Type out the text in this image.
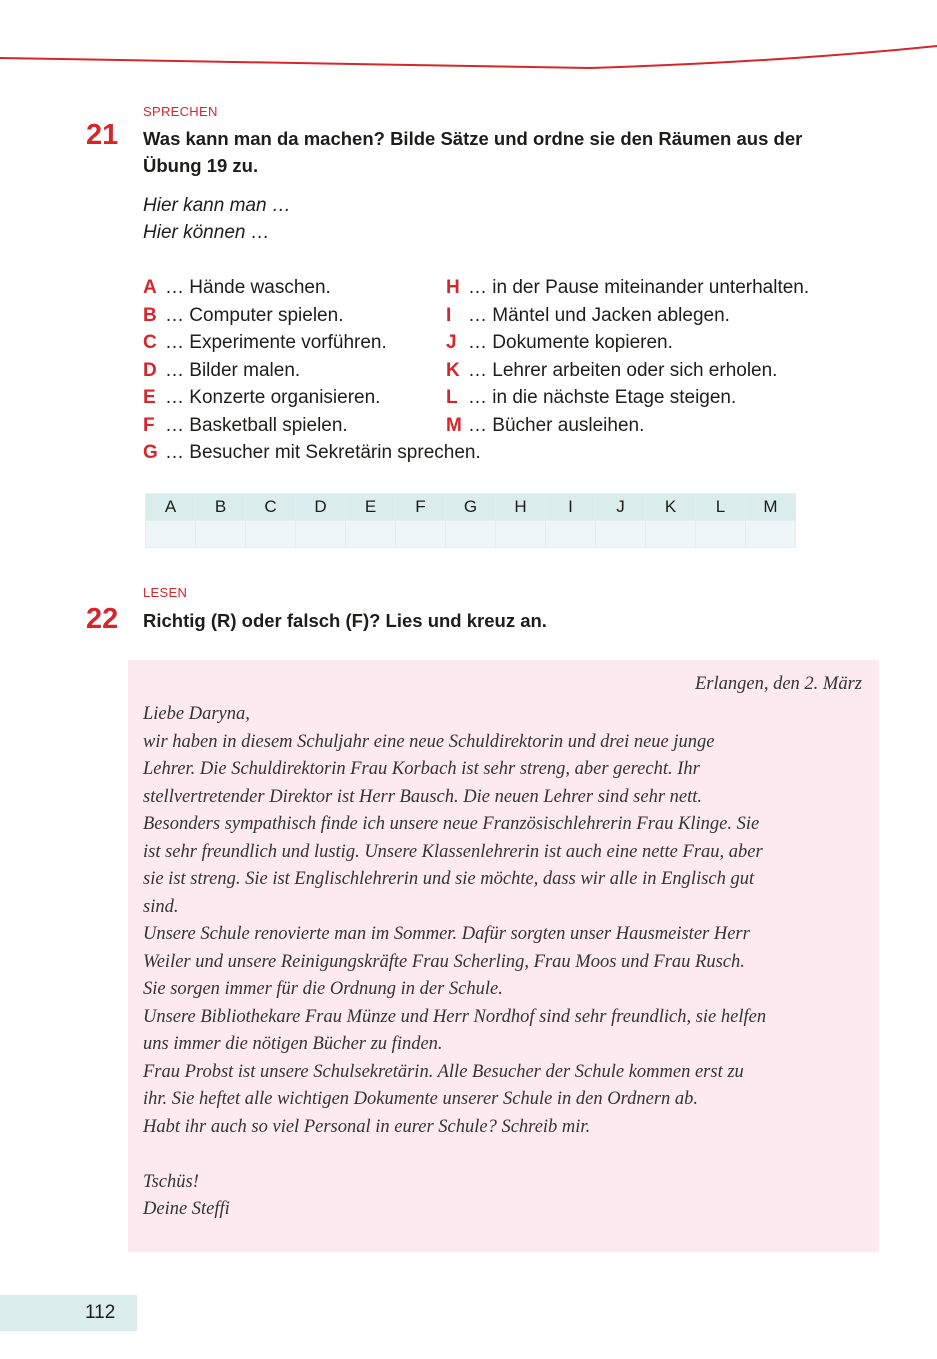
SPRECHEN
21 Was kann man da machen? Bilde Sätze und ordne sie den Räumen aus der
Übung 19 zu.
Hier kann man …
Hier können …
A … Hände waschen.
B … Computer spielen.
C … Experimente vorführen.
D … Bilder malen.
E … Konzerte organisieren.
F … Basketball spielen.
G … Besucher mit Sekretärin sprechen.
H … in der Pause miteinander unterhalten.
I … Mäntel und Jacken ablegen.
J … Dokumente kopieren.
K … Lehrer arbeiten oder sich erholen.
L … in die nächste Etage steigen.
M … Bücher ausleihen.
A	B	C	D	E	F	G	H	I	J	K	L	M

LESEN
22 Richtig (R) oder falsch (F)? Lies und kreuz an.
Erlangen, den 2. März
Liebe Daryna,
wir haben in diesem Schuljahr eine neue Schuldirektorin und drei neue junge
Lehrer. Die Schuldirektorin Frau Korbach ist sehr streng, aber gerecht. Ihr
stellvertretender Direktor ist Herr Bausch. Die neuen Lehrer sind sehr nett.
Besonders sympathisch finde ich unsere neue Französischlehrerin Frau Klinge. Sie
ist sehr freundlich und lustig. Unsere Klassenlehrerin ist auch eine nette Frau, aber
sie ist streng. Sie ist Englischlehrerin und sie möchte, dass wir alle in Englisch gut
sind.
Unsere Schule renovierte man im Sommer. Dafür sorgten unser Hausmeister Herr
Weiler und unsere Reinigungskräfte Frau Scherling, Frau Moos und Frau Rusch.
Sie sorgen immer für die Ordnung in der Schule.
Unsere Bibliothekare Frau Münze und Herr Nordhof sind sehr freundlich, sie helfen
uns immer die nötigen Bücher zu finden.
Frau Probst ist unsere Schulsekretärin. Alle Besucher der Schule kommen erst zu
ihr. Sie heftet alle wichtigen Dokumente unserer Schule in den Ordnern ab.
Habt ihr auch so viel Personal in eurer Schule? Schreib mir.
Tschüs!
Deine Steffi
112
